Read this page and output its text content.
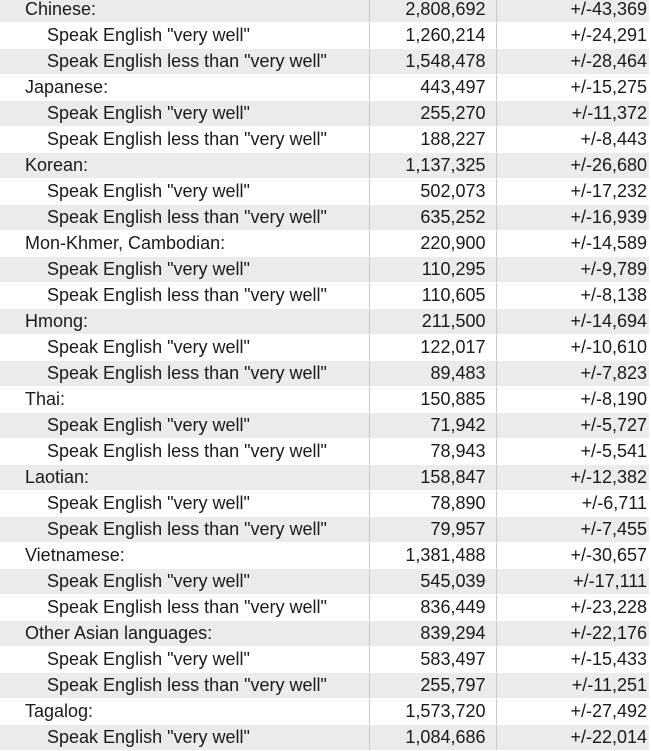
Chinese:	2,808,692	+/-43,369
Speak English "very well"	1,260,214	+/-24,291
Speak English less than "very well"	1,548,478	+/-28,464
Japanese:	443,497	+/-15,275
Speak English "very well"	255,270	+/-11,372
Speak English less than "very well"	188,227	+/-8,443
Korean:	1,137,325	+/-26,680
Speak English "very well"	502,073	+/-17,232
Speak English less than "very well"	635,252	+/-16,939
Mon-Khmer, Cambodian:	220,900	+/-14,589
Speak English "very well"	110,295	+/-9,789
Speak English less than "very well"	110,605	+/-8,138
Hmong:	211,500	+/-14,694
Speak English "very well"	122,017	+/-10,610
Speak English less than "very well"	89,483	+/-7,823
Thai:	150,885	+/-8,190
Speak English "very well"	71,942	+/-5,727
Speak English less than "very well"	78,943	+/-5,541
Laotian:	158,847	+/-12,382
Speak English "very well"	78,890	+/-6,711
Speak English less than "very well"	79,957	+/-7,455
Vietnamese:	1,381,488	+/-30,657
Speak English "very well"	545,039	+/-17,111
Speak English less than "very well"	836,449	+/-23,228
Other Asian languages:	839,294	+/-22,176
Speak English "very well"	583,497	+/-15,433
Speak English less than "very well"	255,797	+/-11,251
Tagalog:	1,573,720	+/-27,492
Speak English "very well"	1,084,686	+/-22,014
